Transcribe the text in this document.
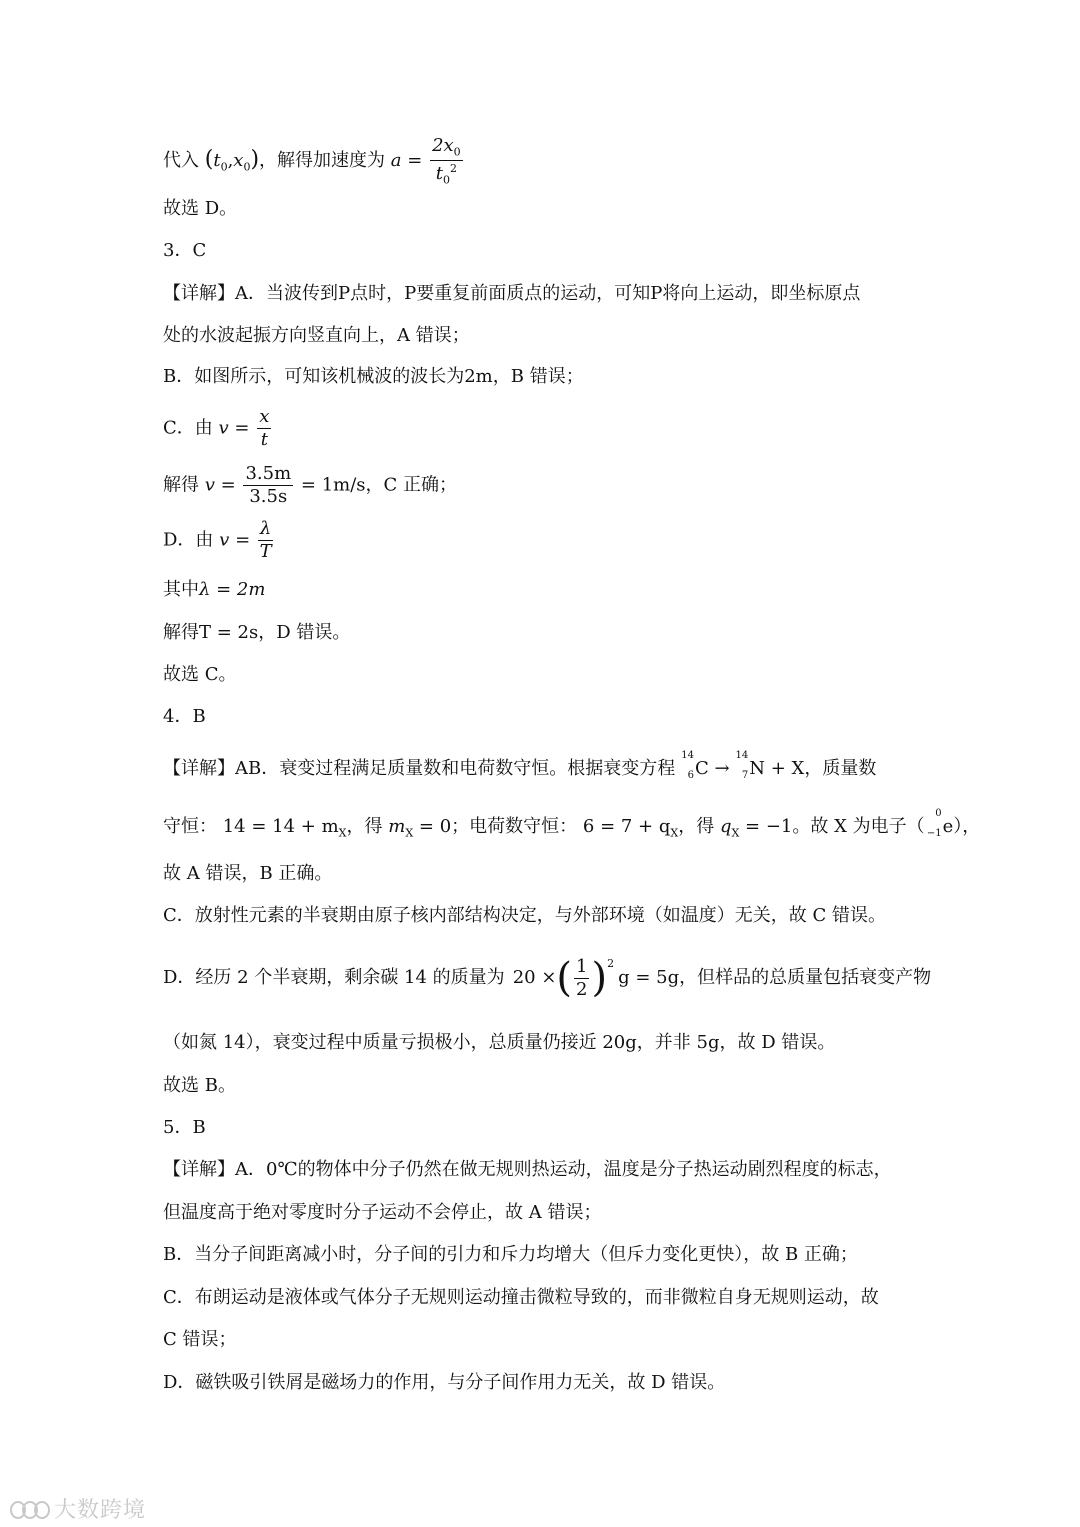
代入 $(t_0,x_0)$，解得加速度为 $a = \frac{2x_0}{t_0^2}$
故选 D。
3．C
【详解】A．当波传到P点时，P要重复前面质点的运动，可知P将向上运动，即坐标原点
处的水波起振方向竖直向上，A 错误；
B．如图所示，可知该机械波的波长为2m，B 错误；
C．由 $v = \frac{x}{t}$
解得 $v = \frac{3.5m}{3.5s} = 1m/s$，C 正确；
D．由 $v = \frac{\lambda}{T}$
其中λ = 2m
解得T = 2s，D 错误。
故选 C。
4．B
【详解】AB．衰变过程满足质量数和电荷数守恒。根据衰变方程
14
6 C →
14
7 N + X，质量数
守恒： $14 = 14 + m_X$，得 $m_X = 0$；电荷数守恒： $6 = 7 + q_X$，得 $q_X = -1$。故 X 为电子（
0
−1 e），
故 A 错误，B 正确。
C．放射性元素的半衰期由原子核内部结构决定，与外部环境（如温度）无关，故 C 错误。
D．经历 2 个半衰期，剩余碳 14 的质量为 20 × ( $\frac{1}{2} )^2$
g = 5g ，但样品的总质量包括衰变产物
（如氮 14），衰变过程中质量亏损极小，总质量仍接近 20g，并非 5g，故 D 错误。
故选 B。
5．B
【详解】A．0℃的物体中分子仍然在做无规则热运动，温度是分子热运动剧烈程度的标志，
但温度高于绝对零度时分子运动不会停止，故 A 错误；
B．当分子间距离减小时，分子间的引力和斥力均增大（但斥力变化更快），故 B 正确；
C．布朗运动是液体或气体分子无规则运动撞击微粒导致的，而非微粒自身无规则运动，故
C 错误；
D．磁铁吸引铁屑是磁场力的作用，与分子间作用力无关，故 D 错误。
大数跨境
